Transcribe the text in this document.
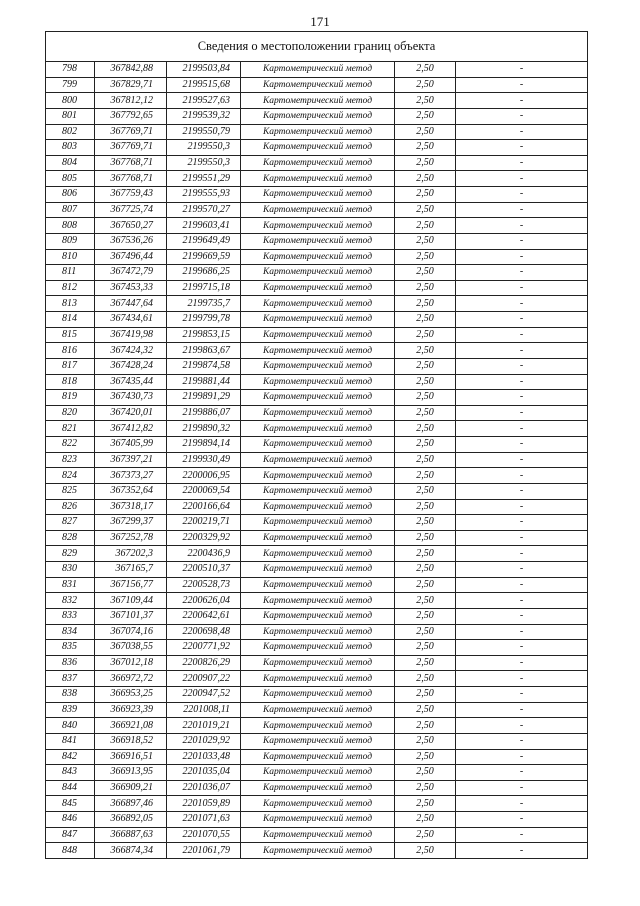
171
Сведения о местоположении границ объекта					
798	367842,88	2199503,84	Картометрический метод	2,50	-
799	367829,71	2199515,68	Картометрический метод	2,50	-
800	367812,12	2199527,63	Картометрический метод	2,50	-
801	367792,65	2199539,32	Картометрический метод	2,50	-
802	367769,71	2199550,79	Картометрический метод	2,50	-
803	367769,71	2199550,3	Картометрический метод	2,50	-
804	367768,71	2199550,3	Картометрический метод	2,50	-
805	367768,71	2199551,29	Картометрический метод	2,50	-
806	367759,43	2199555,93	Картометрический метод	2,50	-
807	367725,74	2199570,27	Картометрический метод	2,50	-
808	367650,27	2199603,41	Картометрический метод	2,50	-
809	367536,26	2199649,49	Картометрический метод	2,50	-
810	367496,44	2199669,59	Картометрический метод	2,50	-
811	367472,79	2199686,25	Картометрический метод	2,50	-
812	367453,33	2199715,18	Картометрический метод	2,50	-
813	367447,64	2199735,7	Картометрический метод	2,50	-
814	367434,61	2199799,78	Картометрический метод	2,50	-
815	367419,98	2199853,15	Картометрический метод	2,50	-
816	367424,32	2199863,67	Картометрический метод	2,50	-
817	367428,24	2199874,58	Картометрический метод	2,50	-
818	367435,44	2199881,44	Картометрический метод	2,50	-
819	367430,73	2199891,29	Картометрический метод	2,50	-
820	367420,01	2199886,07	Картометрический метод	2,50	-
821	367412,82	2199890,32	Картометрический метод	2,50	-
822	367405,99	2199894,14	Картометрический метод	2,50	-
823	367397,21	2199930,49	Картометрический метод	2,50	-
824	367373,27	2200006,95	Картометрический метод	2,50	-
825	367352,64	2200069,54	Картометрический метод	2,50	-
826	367318,17	2200166,64	Картометрический метод	2,50	-
827	367299,37	2200219,71	Картометрический метод	2,50	-
828	367252,78	2200329,92	Картометрический метод	2,50	-
829	367202,3	2200436,9	Картометрический метод	2,50	-
830	367165,7	2200510,37	Картометрический метод	2,50	-
831	367156,77	2200528,73	Картометрический метод	2,50	-
832	367109,44	2200626,04	Картометрический метод	2,50	-
833	367101,37	2200642,61	Картометрический метод	2,50	-
834	367074,16	2200698,48	Картометрический метод	2,50	-
835	367038,55	2200771,92	Картометрический метод	2,50	-
836	367012,18	2200826,29	Картометрический метод	2,50	-
837	366972,72	2200907,22	Картометрический метод	2,50	-
838	366953,25	2200947,52	Картометрический метод	2,50	-
839	366923,39	2201008,11	Картометрический метод	2,50	-
840	366921,08	2201019,21	Картометрический метод	2,50	-
841	366918,52	2201029,92	Картометрический метод	2,50	-
842	366916,51	2201033,48	Картометрический метод	2,50	-
843	366913,95	2201035,04	Картометрический метод	2,50	-
844	366909,21	2201036,07	Картометрический метод	2,50	-
845	366897,46	2201059,89	Картометрический метод	2,50	-
846	366892,05	2201071,63	Картометрический метод	2,50	-
847	366887,63	2201070,55	Картометрический метод	2,50	-
848	366874,34	2201061,79	Картометрический метод	2,50	-
